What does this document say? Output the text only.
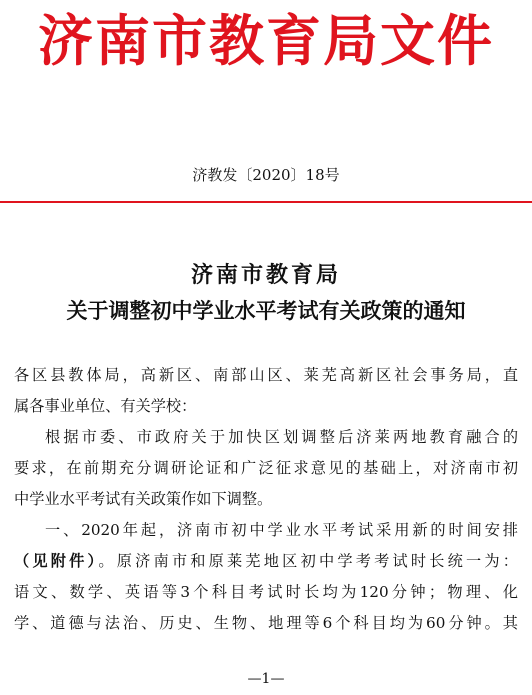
济南市教育局文件
济教发〔2020〕18号
济南市教育局
关于调整初中学业水平考试有关政策的通知
各区县教体局，高新区、南部山区、莱芜高新区社会事务局，直
属各事业单位、有关学校：
根据市委、市政府关于加快区划调整后济莱两地教育融合的
要求，在前期充分调研论证和广泛征求意见的基础上，对济南市初
中学业水平考试有关政策作如下调整。
一、2020年起，济南市初中学业水平考试采用新的时间安排
（见附件）。原济南市和原莱芜地区初中学考考试时长统一为：
语文、数学、英语等3个科目考试时长均为120分钟；物理、化
学、道德与法治、历史、生物、地理等6个科目均为60分钟。其
—1—
